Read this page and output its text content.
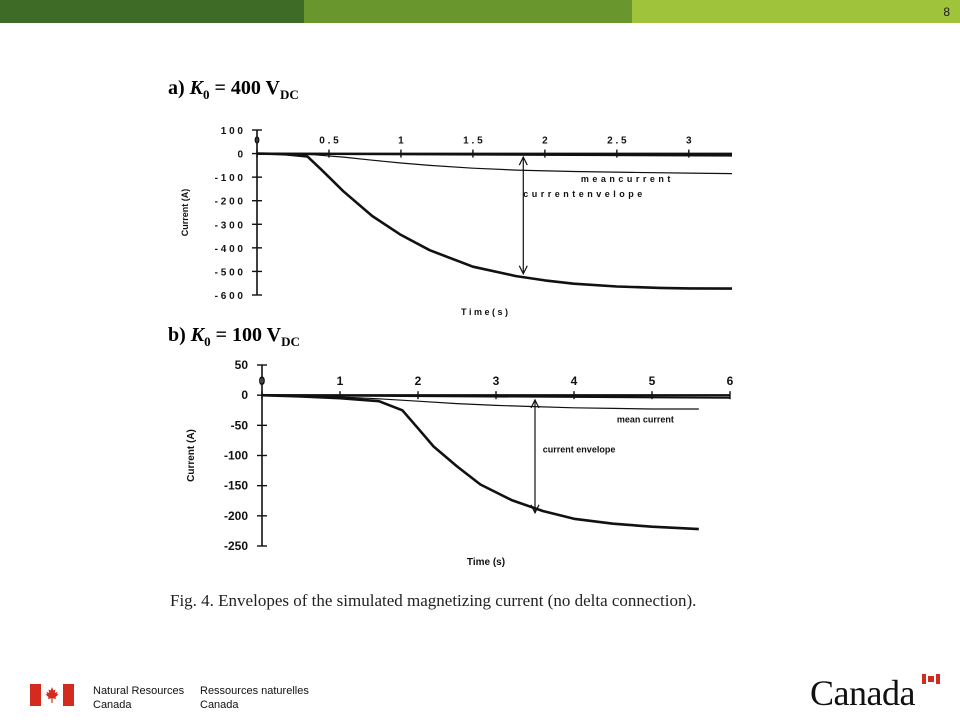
8
a) $K_0 = 400$ $V_{DC}$
1 0 0
0
- 1 0 0
- 2 0 0
- 3 0 0
- 4 0 0
- 5 0 0
- 6 0 0
0	0 . 5	1	1 . 5	2	2 . 5	3
m e a n c u r r e n t
c u r r e n t e n v e l o p e
T i m e ( s )
Current (A)
b) $K_0 = 100$ $V_{DC}$
50
0
-50
-100
-150
-200
-250
0	1	2	3	4	5	6
mean current
current envelope
Time (s)
Current (A)
Fig. 4. Envelopes of the simulated magnetizing current (no delta connection).
Natural Resources
Canada
Ressources naturelles
Canada	Canada
